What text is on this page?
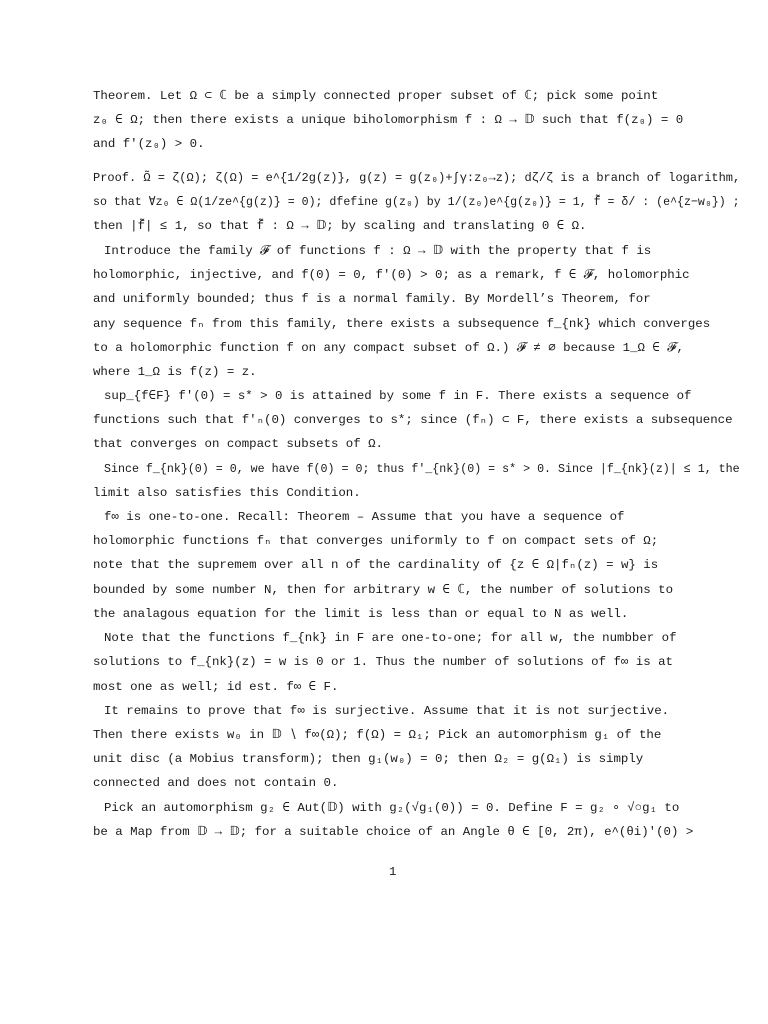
Theorem. Let Ω ⊂ ℂ be a simply connected proper subset of ℂ; pick some point
z₀ ∈ Ω; then there exists a unique biholomorphism f : Ω → 𝔻 such that f(z₀) = 0
and f′(z₀) > 0.
Proof. Ω̃ = ζ(Ω); ζ(Ω) = e^{1/2g(z)}, g(z) = g(z₀)+∫γ:z₀→z); dζ/ζ is a branch of logarithm,
so that ∀z₀ ∈ Ω(1/ze^{g(z)} = 0); dfefine g(z₀) by 1/(z₀)e^{g(z₀)} = 1, f̃ = δ/ : (e^{z−w₀}) ;
then |f̃| ≤ 1, so that f̃ : Ω → 𝔻; by scaling and translating 0 ∈ Ω.
Introduce the family 𝓕 of functions f : Ω → 𝔻 with the property that f is
holomorphic, injective, and f(0) = 0, f′(0) > 0; as a remark, f ∈ 𝓕, holomorphic
and uniformly bounded; thus f is a normal family. By Mordell’s Theorem, for
any sequence fₙ from this family, there exists a subsequence f_{nk} which converges
to a holomorphic function f on any compact subset of Ω.) 𝓕 ≠ ∅ because 1_Ω ∈ 𝓕,
where 1_Ω is f(z) = z.
sup_{f∈F} f′(0) = s* > 0 is attained by some f in F. There exists a sequence of
functions such that f′ₙ(0) converges to s*; since (fₙ) ⊂ F, there exists a subsequence
that converges on compact subsets of Ω.
Since f_{nk}(0) = 0, we have f(0) = 0; thus f′_{nk}(0) = s* > 0. Since |f_{nk}(z)| ≤ 1, the
limit also satisfies this Condition.
f∞ is one-to-one. Recall: Theorem – Assume that you have a sequence of
holomorphic functions fₙ that converges uniformly to f on compact sets of Ω;
note that the supremem over all n of the cardinality of {z ∈ Ω|fₙ(z) = w} is
bounded by some number N, then for arbitrary w ∈ ℂ, the number of solutions to
the analagous equation for the limit is less than or equal to N as well.
Note that the functions f_{nk} in F are one-to-one; for all w, the numbber of
solutions to f_{nk}(z) = w is 0 or 1. Thus the number of solutions of f∞ is at
most one as well; id est. f∞ ∈ F.
It remains to prove that f∞ is surjective. Assume that it is not surjective.
Then there exists w₀ in 𝔻 ∖ f∞(Ω); f(Ω) = Ω₁; Pick an automorphism g₁ of the
unit disc (a Mobius transform); then g₁(w₀) = 0; then Ω₂ = g(Ω₁) is simply
connected and does not contain 0.
Pick an automorphism g₂ ∈ Aut(𝔻) with g₂(√g₁(0)) = 0. Define F = g₂ ∘ √○g₁ to
be a Map from 𝔻 → 𝔻; for a suitable choice of an Angle θ ∈ [0, 2π), e^(θi)′(0) >
1
